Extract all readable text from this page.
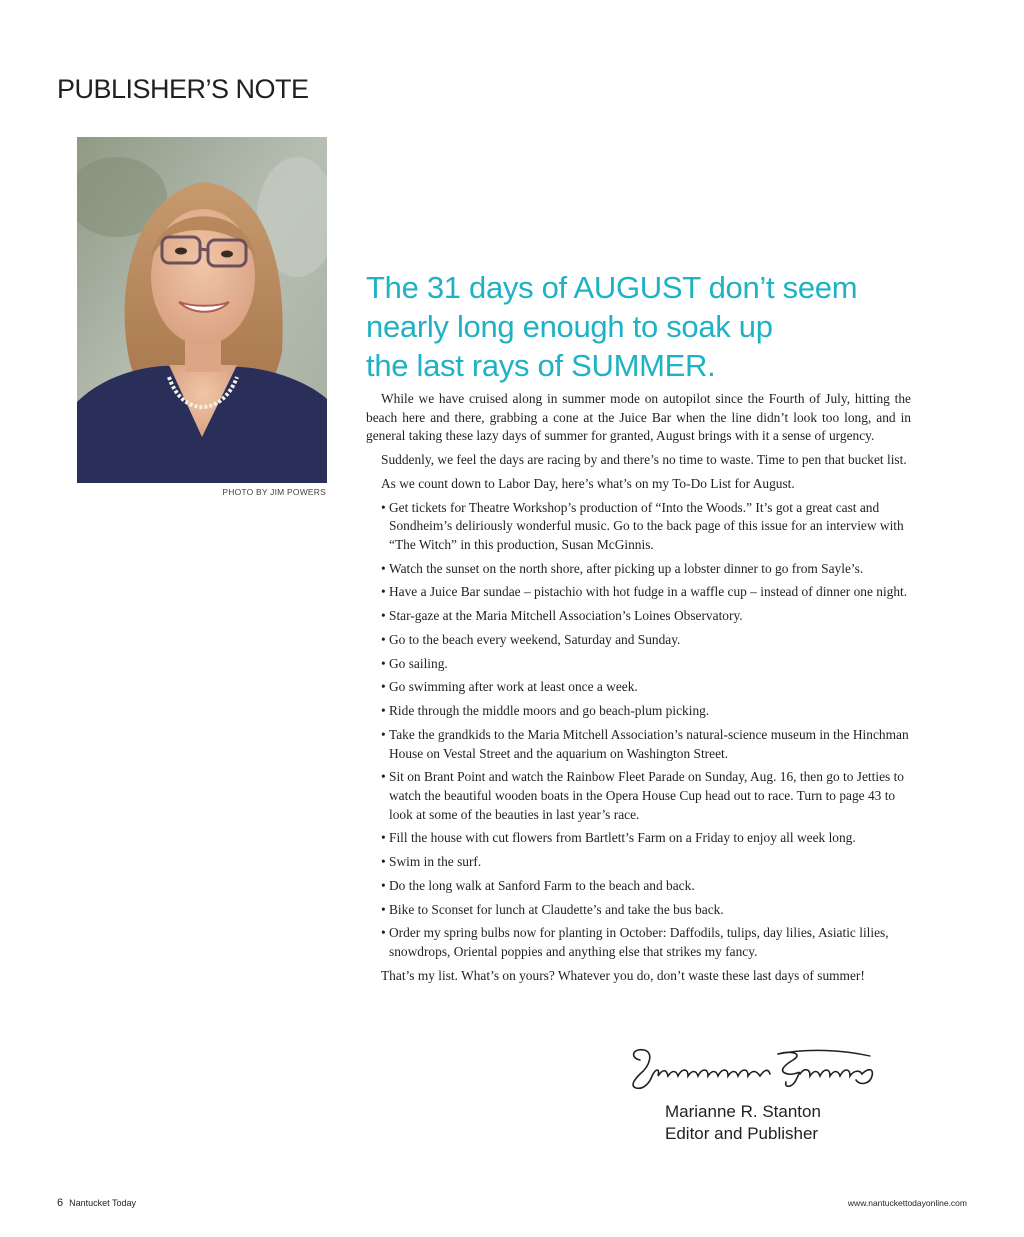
PUBLISHER’S NOTE
PHOTO BY JIM POWERS
The 31 days of AUGUST don’t seem
nearly long enough to soak up
the last rays of SUMMER.

While we have cruised along in summer mode on autopilot since the Fourth of July, hitting the beach here and there, grabbing a cone at the Juice Bar when the line didn’t look too long, and in general taking these lazy days of summer for granted, August brings with it a sense of urgency.

Suddenly, we feel the days are racing by and there’s no time to waste. Time to pen that bucket list.

As we count down to Labor Day, here’s what’s on my To-Do List for August.

• Get tickets for Theatre Workshop’s production of “Into the Woods.” It’s got a great cast and Sondheim’s deliriously wonderful music. Go to the back page of this issue for an interview with “The Witch” in this production, Susan McGinnis.
• Watch the sunset on the north shore, after picking up a lobster dinner to go from Sayle’s.
• Have a Juice Bar sundae – pistachio with hot fudge in a waffle cup – instead of dinner one night.
• Star-gaze at the Maria Mitchell Association’s Loines Observatory.
• Go to the beach every weekend, Saturday and Sunday.
• Go sailing.
• Go swimming after work at least once a week.
• Ride through the middle moors and go beach-plum picking.
• Take the grandkids to the Maria Mitchell Association’s natural-science museum in the Hinchman House on Vestal Street and the aquarium on Washington Street.
• Sit on Brant Point and watch the Rainbow Fleet Parade on Sunday, Aug. 16, then go to Jetties to watch the beautiful wooden boats in the Opera House Cup head out to race. Turn to page 43 to look at some of the beauties in last year’s race.
• Fill the house with cut flowers from Bartlett’s Farm on a Friday to enjoy all week long.
• Swim in the surf.
• Do the long walk at Sanford Farm to the beach and back.
• Bike to Sconset for lunch at Claudette’s and take the bus back.
• Order my spring bulbs now for planting in October: Daffodils, tulips, day lilies, Asiatic lilies, snowdrops, Oriental poppies and anything else that strikes my fancy.

That’s my list. What’s on yours? Whatever you do, don’t waste these last days of summer!

Marianne R. Stanton
Editor and Publisher
6 Nantucket Today	www.nantuckettodayonline.com
